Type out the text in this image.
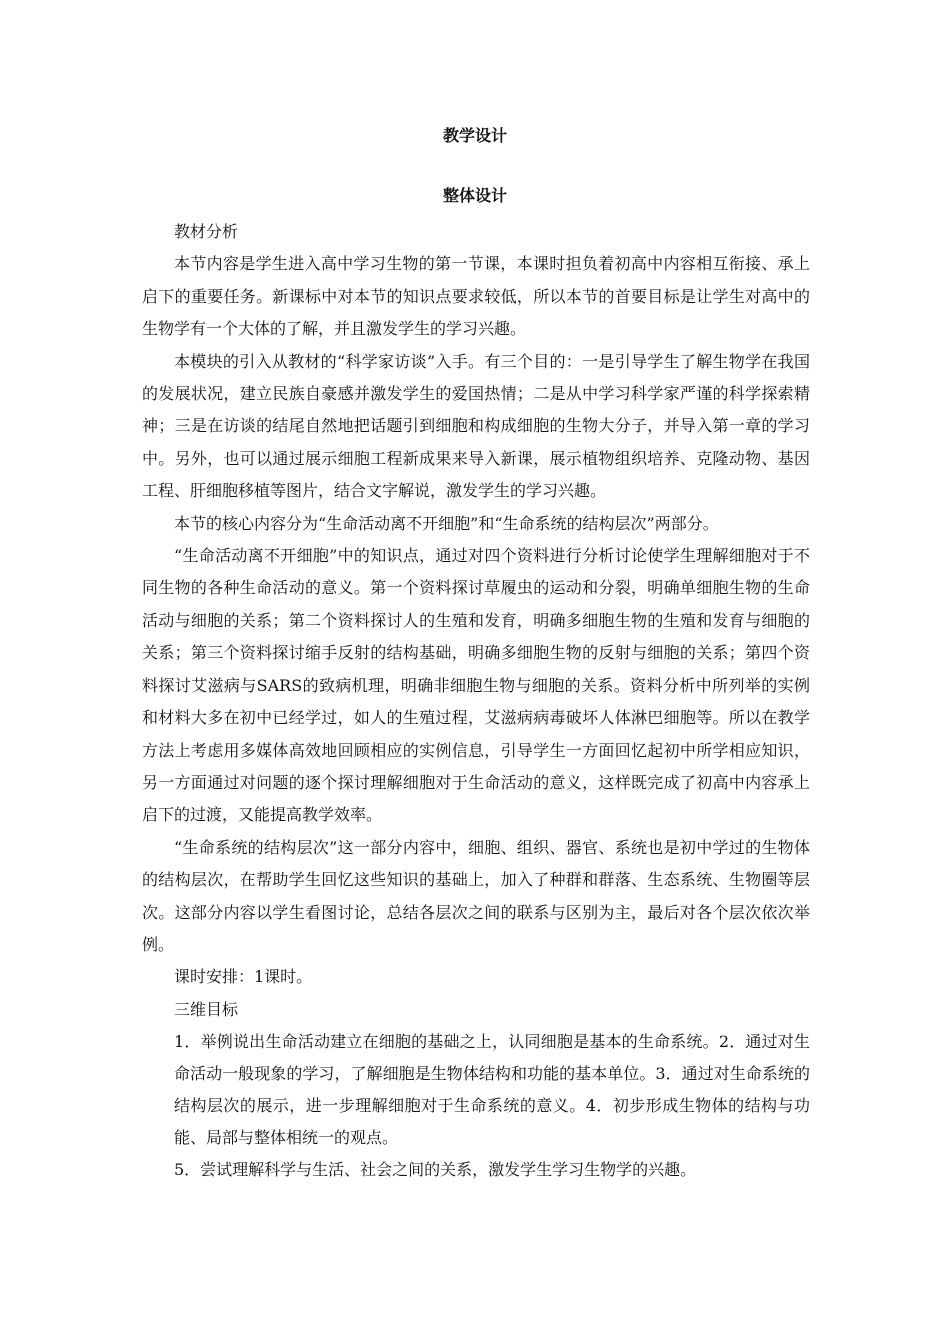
教学设计
整体设计

教材分析

本节内容是学生进入高中学习生物的第一节课，本课时担负着初高中内容相互衔接、承上启下的重要任务。新课标中对本节的知识点要求较低，所以本节的首要目标是让学生对高中的生物学有一个大体的了解，并且激发学生的学习兴趣。

本模块的引入从教材的“科学家访谈”入手。有三个目的：一是引导学生了解生物学在我国的发展状况，建立民族自豪感并激发学生的爱国热情；二是从中学习科学家严谨的科学探索精神；三是在访谈的结尾自然地把话题引到细胞和构成细胞的生物大分子，并导入第一章的学习中。另外，也可以通过展示细胞工程新成果来导入新课，展示植物组织培养、克隆动物、基因工程、肝细胞移植等图片，结合文字解说，激发学生的学习兴趣。

本节的核心内容分为“生命活动离不开细胞”和“生命系统的结构层次”两部分。

“生命活动离不开细胞”中的知识点，通过对四个资料进行分析讨论使学生理解细胞对于不同生物的各种生命活动的意义。第一个资料探讨草履虫的运动和分裂，明确单细胞生物的生命活动与细胞的关系；第二个资料探讨人的生殖和发育，明确多细胞生物的生殖和发育与细胞的关系；第三个资料探讨缩手反射的结构基础，明确多细胞生物的反射与细胞的关系；第四个资料探讨艾滋病与SARS的致病机理，明确非细胞生物与细胞的关系。资料分析中所列举的实例和材料大多在初中已经学过，如人的生殖过程，艾滋病病毒破坏人体淋巴细胞等。所以在教学方法上考虑用多媒体高效地回顾相应的实例信息，引导学生一方面回忆起初中所学相应知识，另一方面通过对问题的逐个探讨理解细胞对于生命活动的意义，这样既完成了初高中内容承上启下的过渡，又能提高教学效率。

“生命系统的结构层次”这一部分内容中，细胞、组织、器官、系统也是初中学过的生物体的结构层次，在帮助学生回忆这些知识的基础上，加入了种群和群落、生态系统、生物圈等层次。这部分内容以学生看图讨论，总结各层次之间的联系与区别为主，最后对各个层次依次举例。

课时安排：1课时。

三维目标

1．举例说出生命活动建立在细胞的基础之上，认同细胞是基本的生命系统。2．通过对生命活动一般现象的学习，了解细胞是生物体结构和功能的基本单位。3．通过对生命系统的结构层次的展示，进一步理解细胞对于生命系统的意义。4．初步形成生物体的结构与功能、局部与整体相统一的观点。

5．尝试理解科学与生活、社会之间的关系，激发学生学习生物学的兴趣。
